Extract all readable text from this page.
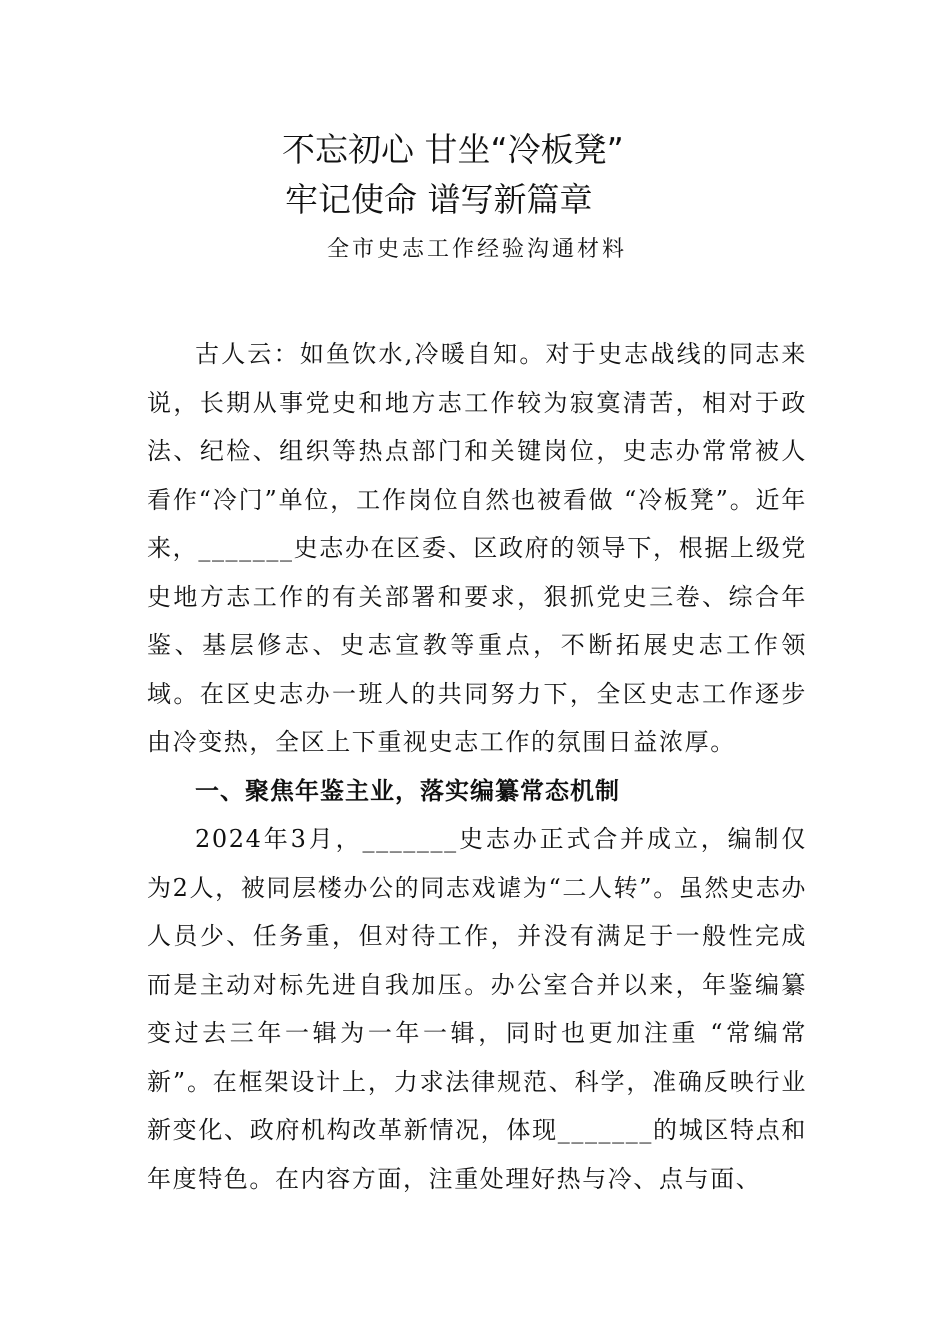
不忘初心 甘坐“冷板凳”
牢记使命 谱写新篇章
全市史志工作经验沟通材料

古人云：如鱼饮水,冷暖自知。对于史志战线的同志来说，长期从事党史和地方志工作较为寂寞清苦，相对于政法、纪检、组织等热点部门和关键岗位，史志办常常被人看作“冷门”单位，工作岗位自然也被看做 “冷板凳”。近年来，_______史志办在区委、区政府的领导下，根据上级党史地方志工作的有关部署和要求，狠抓党史三卷、综合年鉴、基层修志、史志宣教等重点，不断拓展史志工作领域。在区史志办一班人的共同努力下，全区史志工作逐步由冷变热，全区上下重视史志工作的氛围日益浓厚。

一、聚焦年鉴主业，落实编纂常态机制

2024年3月，_______史志办正式合并成立，编制仅为2人，被同层楼办公的同志戏谑为“二人转”。虽然史志办人员少、任务重，但对待工作，并没有满足于一般性完成而是主动对标先进自我加压。办公室合并以来，年鉴编纂变过去三年一辑为一年一辑，同时也更加注重 “常编常新”。在框架设计上，力求法律规范、科学，准确反映行业新变化、政府机构改革新情况，体现_______的城区特点和年度特色。在内容方面，注重处理好热与冷、点与面、
